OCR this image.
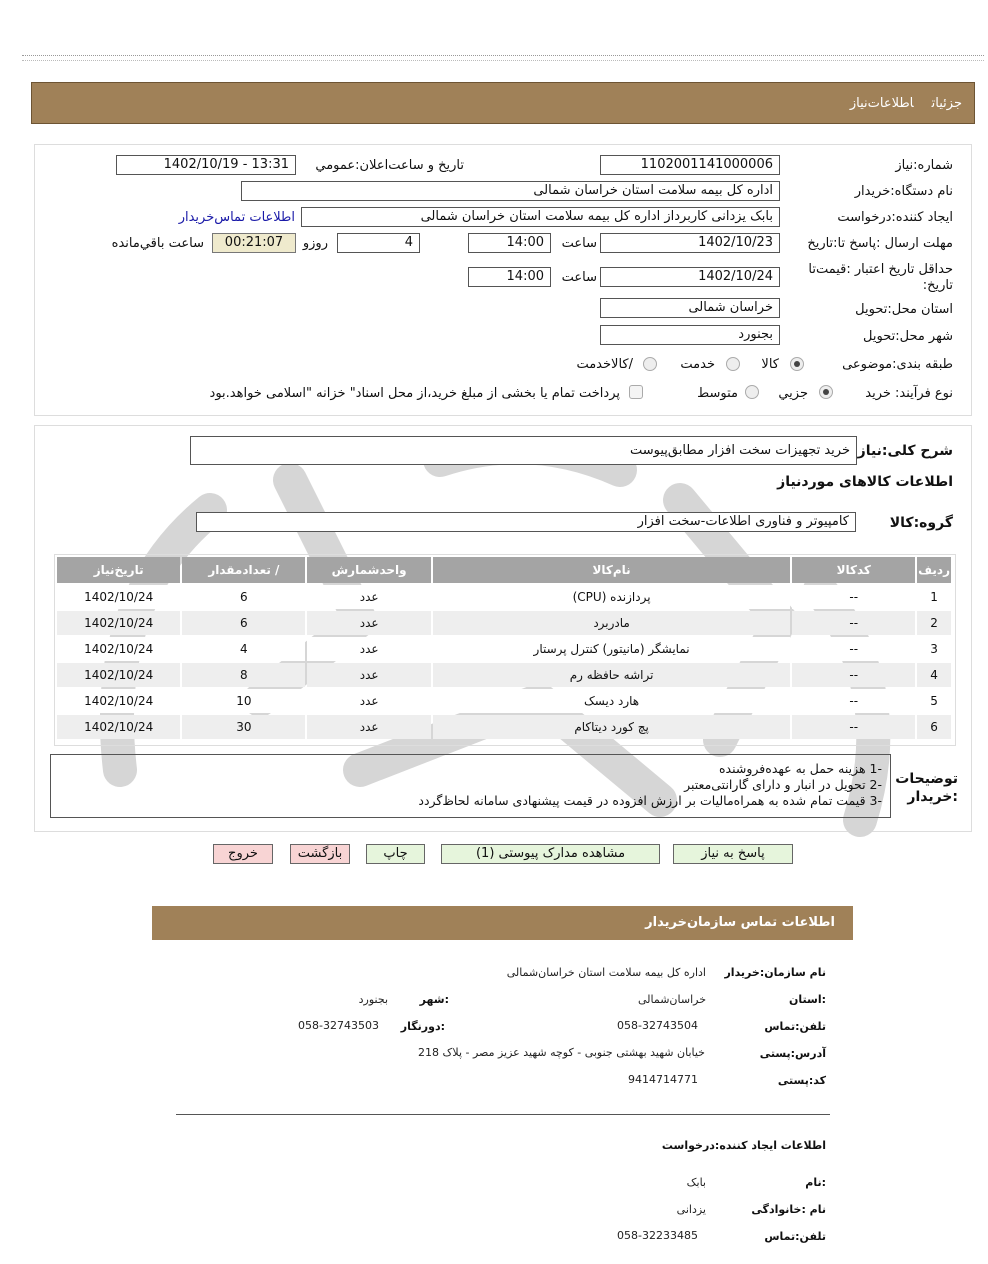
جزئياتاطلاعات‌نياز
شماره:نياز
1102001141000006
تاريخ و ساعت‌اعلان:عمومي
1402/10/19 - 13:31
نام دستگاه:خريدار
اداره کل بیمه سلامت استان خراسان شمالی
ايجاد کننده:درخواست
بابک یزدانی کاربرداز اداره کل بیمه سلامت استان خراسان شمالی
اطلاعات تماس‌خريدار
مهلت ارسال :پاسخ تا:تاريخ
1402/10/23
ساعت
14:00
4
روزو
00:21:07
ساعت باقي‌مانده
حداقل تاريخ اعتبار :قيمت‌تا تاريخ:
1402/10/24
ساعت
14:00
استان محل:تحويل
خراسان شمالی
شهر محل:تحويل
بجنورد
طبقه بندی:موضوعی
كالا
خدمت
/كالاخدمت
نوع فرآيند: خريد
جزيي
متوسط
پرداخت تمام يا بخشی از مبلغ خريد،از محل اسناد" خزانه "اسلامی خواهد.بود
شرح کلی:نیاز
خرید تجهیزات سخت افزار مطابق‌پیوست
اطلاعات کالاهای مورد‌نياز
گروه:کالا
کامپیوتر و فناوری اطلاعات-سخت افزار
رديف	کدکالا	نام‌کالا	واحدشمارش	/ تعدادمقدار	تاريخ‌نياز
1	--	پردازنده (CPU)	عدد	6	1402/10/24
2	--	مادربرد	عدد	6	1402/10/24
3	--	نمایشگر (مانیتور) کنترل پرستار	عدد	4	1402/10/24
4	--	تراشه حافظه رم	عدد	8	1402/10/24
5	--	هارد دیسک	عدد	10	1402/10/24
6	--	پچ کورد دیتاکام	عدد	30	1402/10/24
توضيحات :خريدار
-1 هزینه حمل به عهده‌فروشنده
-2 تحویل در انبار و دارای گارانتی‌معتبر
-3 قیمت تمام شده به همراه‌مالیات بر ارزش افزوده در قیمت پیشنهادی سامانه لحاظ‌گردد
پاسخ به نياز
مشاهده مدارک پيوستی (1)
چاپ
بازگشت
خروج
اطلاعات تماس سازمان‌خريدار
نام سازمان:خريدار
اداره کل بیمه سلامت استان خراسان‌شمالی
:استان
خراسان‌شمالی
:شهر
بجنورد
تلفن:تماس
058-32743504
:دورنگار
058-32743503
آدرس:پستی
خیابان شهید بهشتی جنوبی - کوچه شهید عزیز مصر - پلاک 218
کد:پستی
9414714771
اطلاعات ايجاد کننده:درخواست
:نام
بابک
نام :خانوادگی
یزدانی
تلفن:تماس
058-32233485
